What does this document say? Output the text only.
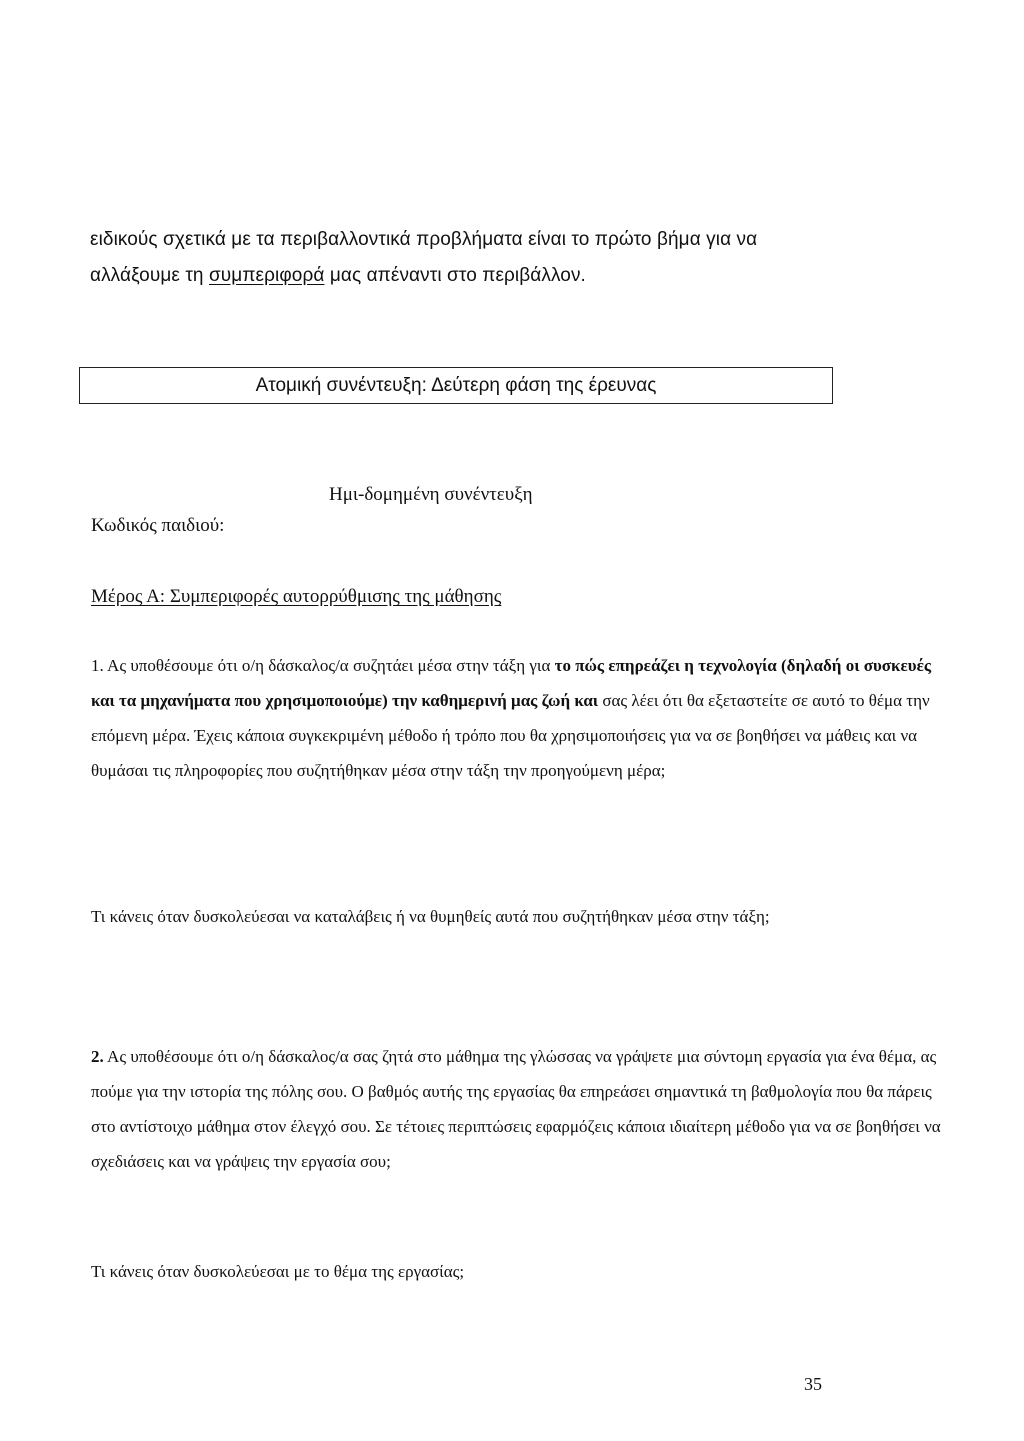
ειδικούς σχετικά με τα περιβαλλοντικά προβλήματα είναι το πρώτο βήμα για να

αλλάξουμε τη συμπεριφορά μας απέναντι στο περιβάλλον.

Ατομική συνέντευξη: Δεύτερη φάση της έρευνας
Ημι-δομημένη συνέντευξη
Κωδικός παιδιού:
Μέρος Α: Συμπεριφορές αυτορρύθμισης της μάθησης

1. Ας υποθέσουμε ότι ο/η δάσκαλος/α συζητάει μέσα στην τάξη για το πώς επηρεάζει η τεχνολογία (δηλαδή οι συσκευές και τα μηχανήματα που χρησιμοποιούμε) την καθημερινή μας ζωή και σας λέει ότι θα εξεταστείτε σε αυτό το θέμα την επόμενη μέρα. Έχεις κάποια συγκεκριμένη μέθοδο ή τρόπο που θα χρησιμοποιήσεις για να σε βοηθήσει να μάθεις και να θυμάσαι τις πληροφορίες που συζητήθηκαν μέσα στην τάξη την προηγούμενη μέρα;

Τι κάνεις όταν δυσκολεύεσαι να καταλάβεις ή να θυμηθείς αυτά που συζητήθηκαν μέσα στην τάξη;

2. Ας υποθέσουμε ότι ο/η δάσκαλος/α σας ζητά στο μάθημα της γλώσσας να γράψετε μια σύντομη εργασία για ένα θέμα, ας πούμε για την ιστορία της πόλης σου. Ο βαθμός αυτής της εργασίας θα επηρεάσει σημαντικά τη βαθμολογία που θα πάρεις στο αντίστοιχο μάθημα στον έλεγχό σου. Σε τέτοιες περιπτώσεις εφαρμόζεις κάποια ιδιαίτερη μέθοδο για να σε βοηθήσει να σχεδιάσεις και να γράψεις την εργασία σου;

Τι κάνεις όταν δυσκολεύεσαι με το θέμα της εργασίας;

35
